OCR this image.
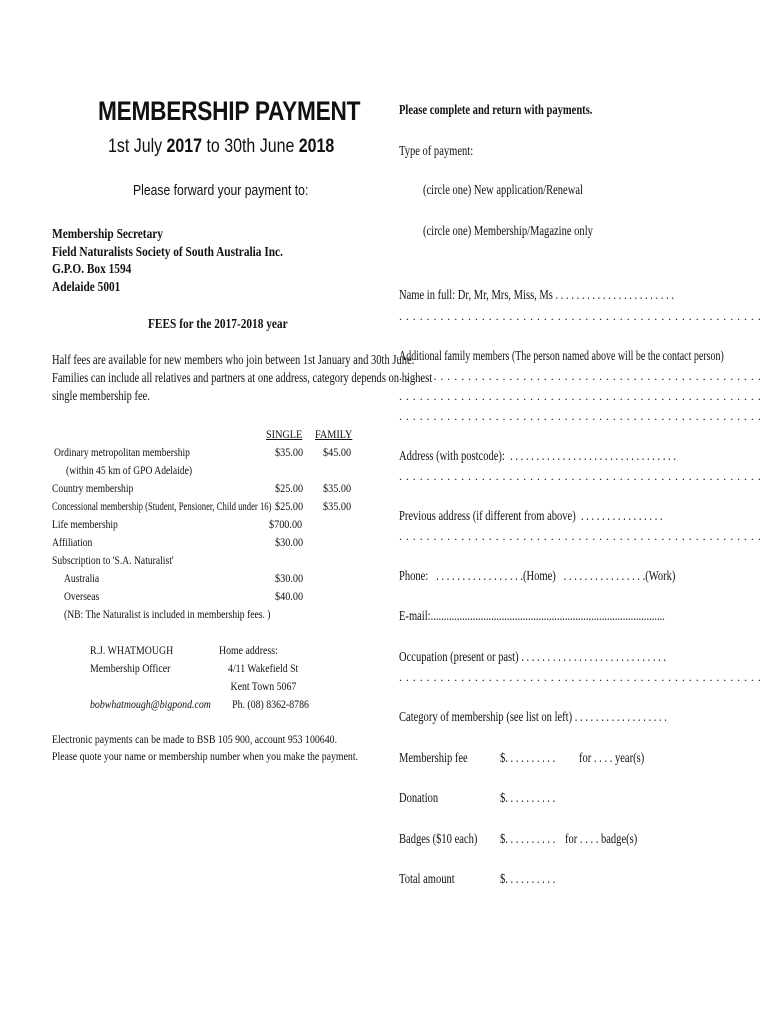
MEMBERSHIP PAYMENT
1st July 2017 to 30th June 2018
Please forward your payment to:
Membership Secretary
Field Naturalists Society of South Australia Inc.
G.P.O. Box 1594
Adelaide 5001
FEES for the 2017-2018 year
Half fees are available for new members who join between 1st January and 30th June.
Families can include all relatives and partners at one address, category depends on highest
single membership fee.
SINGLE FAMILY
Ordinary metropolitan membership	$35.00 $45.00
(within 45 km of GPO Adelaide)
Country membership	$25.00 $35.00
Concessional membership (Student, Pensioner, Child under 16) $25.00 $35.00
Life membership	$700.00
Affiliation	$30.00
Subscription to 'S.A. Naturalist'
Australia	$30.00
Overseas	$40.00
(NB: The Naturalist is included in membership fees. )
R.J. WHATMOUGH
Membership Officer
bobwhatmough@bigpond.com
Home address:
4/11 Wakefield St
Kent Town 5067
Ph. (08) 8362-8786
Electronic payments can be made to BSB 105 900, account 953 100640.
Please quote your name or membership number when you make the payment.
Please complete and return with payments.
Type of payment:
(circle one) New application/Renewal
(circle one) Membership/Magazine only
Name in full: Dr, Mr, Mrs, Miss, Ms . . . . . . . . . . . . . . . . . . . . . . .
. . . . . . . . . . . . . . . . . . . . . . . . . . . . . . . . . . . . . . . . . . . . . . . . . . . . .
Additional family members (The person named above will be the contact person)
. . . . . . . . . . . . . . . . . . . . . . . . . . . . . . . . . . . . . . . . . . . . . . . . . . . . .
. . . . . . . . . . . . . . . . . . . . . . . . . . . . . . . . . . . . . . . . . . . . . . . . . . . . .
. . . . . . . . . . . . . . . . . . . . . . . . . . . . . . . . . . . . . . . . . . . . . . . . . . . . .
Address (with postcode): . . . . . . . . . . . . . . . . . . . . . . . . . . . . . . . .
. . . . . . . . . . . . . . . . . . . . . . . . . . . . . . . . . . . . . . . . . . . . . . . . . . . . .
Previous address (if different from above) . . . . . . . . . . . . . . . .
. . . . . . . . . . . . . . . . . . . . . . . . . . . . . . . . . . . . . . . . . . . . . . . . . . . . .
Phone: . . . . . . . . . . . . . . . . .(Home) . . . . . . . . . . . . . . . .(Work)
E-mail:.........................................................................................
Occupation (present or past) . . . . . . . . . . . . . . . . . . . . . . . . . . . .
. . . . . . . . . . . . . . . . . . . . . . . . . . . . . . . . . . . . . . . . . . . . . . . . . . . . .
Category of membership (see list on left) . . . . . . . . . . . . . . . . . .
Membership fee $. . . . . . . . . . for . . . . year(s)
Donation	$. . . . . . . . . .
Badges ($10 each) $. . . . . . . . . . for . . . . badge(s)
Total amount	$. . . . . . . . . .
